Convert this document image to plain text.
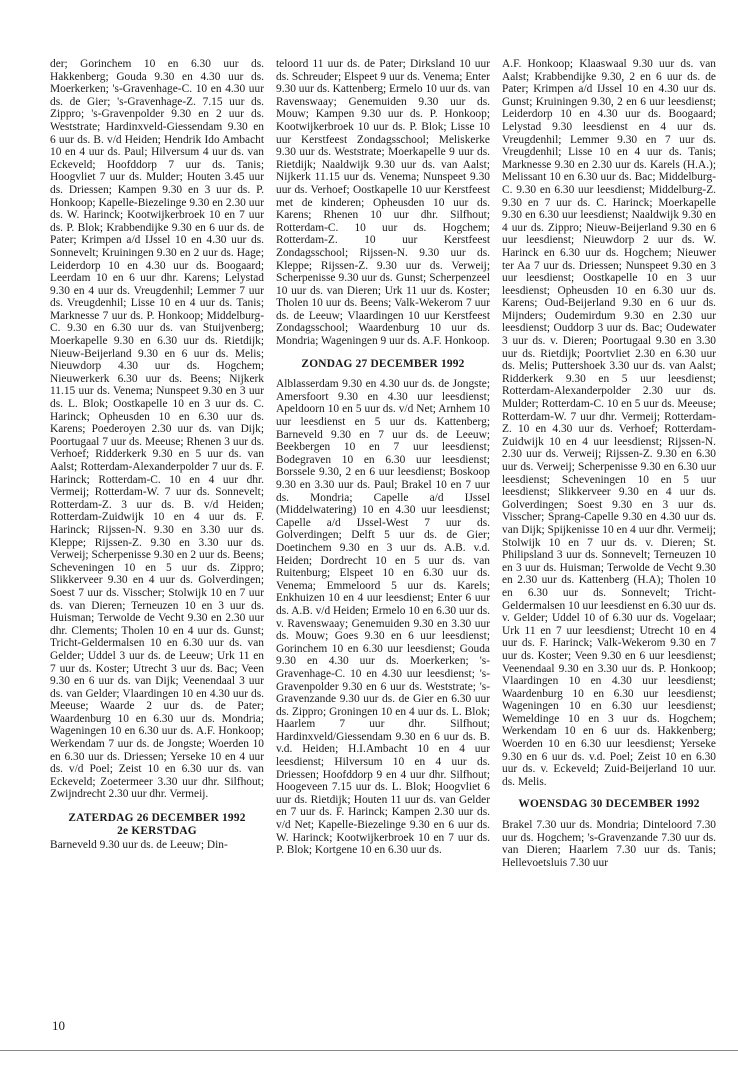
der; Gorinchem 10 en 6.30 uur ds. Hakkenberg; Gouda 9.30 en 4.30 uur ds. Moerkerken; 's-Gravenhage-C. 10 en 4.30 uur ds. de Gier; 's-Gravenhage-Z. 7.15 uur ds. Zippro; 's-Gravenpolder 9.30 en 2 uur ds. Weststrate; Hardinxveld-Giessendam 9.30 en 6 uur ds. B. v/d Heiden; Hendrik Ido Ambacht 10 en 4 uur ds. Paul; Hilversum 4 uur ds. van Eckeveld; Hoofddorp 7 uur ds. Tanis; Hoogvliet 7 uur ds. Mulder; Houten 3.45 uur ds. Driessen; Kampen 9.30 en 3 uur ds. P. Honkoop; Kapelle-Biezelinge 9.30 en 2.30 uur ds. W. Harinck; Kootwijkerbroek 10 en 7 uur ds. P. Blok; Krabbendijke 9.30 en 6 uur ds. de Pater; Krimpen a/d IJssel 10 en 4.30 uur ds. Sonnevelt; Kruiningen 9.30 en 2 uur ds. Hage; Leiderdorp 10 en 4.30 uur ds. Boogaard; Leerdam 10 en 6 uur dhr. Karens; Lelystad 9.30 en 4 uur ds. Vreugdenhil; Lemmer 7 uur ds. Vreugdenhil; Lisse 10 en 4 uur ds. Tanis; Marknesse 7 uur ds. P. Honkoop; Middelburg-C. 9.30 en 6.30 uur ds. van Stuijvenberg; Moerkapelle 9.30 en 6.30 uur ds. Rietdijk; Nieuw-Beijerland 9.30 en 6 uur ds. Melis; Nieuwdorp 4.30 uur ds. Hogchem; Nieuwerkerk 6.30 uur ds. Beens; Nijkerk 11.15 uur ds. Venema; Nunspeet 9.30 en 3 uur ds. L. Blok; Oostkapelle 10 en 3 uur ds. C. Harinck; Opheusden 10 en 6.30 uur ds. Karens; Poederoyen 2.30 uur ds. van Dijk; Poortugaal 7 uur ds. Meeuse; Rhenen 3 uur ds. Verhoef; Ridderkerk 9.30 en 5 uur ds. van Aalst; Rotterdam-Alexanderpolder 7 uur ds. F. Harinck; Rotterdam-C. 10 en 4 uur dhr. Vermeij; Rotterdam-W. 7 uur ds. Sonnevelt; Rotterdam-Z. 3 uur ds. B. v/d Heiden; Rotterdam-Zuidwijk 10 en 4 uur ds. F. Harinck; Rijssen-N. 9.30 en 3.30 uur ds. Kleppe; Rijssen-Z. 9.30 en 3.30 uur ds. Verweij; Scherpenisse 9.30 en 2 uur ds. Beens; Scheveningen 10 en 5 uur ds. Zippro; Slikkerveer 9.30 en 4 uur ds. Golverdingen; Soest 7 uur ds. Visscher; Stolwijk 10 en 7 uur ds. van Dieren; Terneuzen 10 en 3 uur ds. Huisman; Terwolde de Vecht 9.30 en 2.30 uur dhr. Clements; Tholen 10 en 4 uur ds. Gunst; Tricht-Geldermalsen 10 en 6.30 uur ds. van Gelder; Uddel 3 uur ds. de Leeuw; Urk 11 en 7 uur ds. Koster; Utrecht 3 uur ds. Bac; Veen 9.30 en 6 uur ds. van Dijk; Veenendaal 3 uur ds. van Gelder; Vlaardingen 10 en 4.30 uur ds. Meeuse; Waarde 2 uur ds. de Pater; Waardenburg 10 en 6.30 uur ds. Mondria; Wageningen 10 en 6.30 uur ds. A.F. Honkoop; Werkendam 7 uur ds. de Jongste; Woerden 10 en 6.30 uur ds. Driessen; Yerseke 10 en 4 uur ds. v/d Poel; Zeist 10 en 6.30 uur ds. van Eckeveld; Zoetermeer 3.30 uur dhr. Silfhout; Zwijndrecht 2.30 uur dhr. Vermeij.

ZATERDAG 26 DECEMBER 1992
2e KERSTDAG

Barneveld 9.30 uur ds. de Leeuw; Din-

teloord 11 uur ds. de Pater; Dirksland 10 uur ds. Schreuder; Elspeet 9 uur ds. Venema; Enter 9.30 uur ds. Kattenberg; Ermelo 10 uur ds. van Ravenswaay; Genemuiden 9.30 uur ds. Mouw; Kampen 9.30 uur ds. P. Honkoop; Kootwijkerbroek 10 uur ds. P. Blok; Lisse 10 uur Kerstfeest Zondagsschool; Meliskerke 9.30 uur ds. Weststrate; Moerkapelle 9 uur ds. Rietdijk; Naaldwijk 9.30 uur ds. van Aalst; Nijkerk 11.15 uur ds. Venema; Nunspeet 9.30 uur ds. Verhoef; Oostkapelle 10 uur Kerstfeest met de kinderen; Opheusden 10 uur ds. Karens; Rhenen 10 uur dhr. Silfhout; Rotterdam-C. 10 uur ds. Hogchem; Rotterdam-Z. 10 uur Kerstfeest Zondagsschool; Rijssen-N. 9.30 uur ds. Kleppe; Rijssen-Z. 9.30 uur ds. Verweij; Scherpenisse 9.30 uur ds. Gunst; Scherpenzeel 10 uur ds. van Dieren; Urk 11 uur ds. Koster; Tholen 10 uur ds. Beens; Valk-Wekerom 7 uur ds. de Leeuw; Vlaardingen 10 uur Kerstfeest Zondagsschool; Waardenburg 10 uur ds. Mondria; Wageningen 9 uur ds. A.F. Honkoop.

ZONDAG 27 DECEMBER 1992

Alblasserdam 9.30 en 4.30 uur ds. de Jongste; Amersfoort 9.30 en 4.30 uur leesdienst; Apeldoorn 10 en 5 uur ds. v/d Net; Arnhem 10 uur leesdienst en 5 uur ds. Kattenberg; Barneveld 9.30 en 7 uur ds. de Leeuw; Beekbergen 10 en 7 uur leesdienst; Bodegraven 10 en 6.30 uur leesdienst; Borssele 9.30, 2 en 6 uur leesdienst; Boskoop 9.30 en 3.30 uur ds. Paul; Brakel 10 en 7 uur ds. Mondria; Capelle a/d IJssel (Middelwatering) 10 en 4.30 uur leesdienst; Capelle a/d IJssel-West 7 uur ds. Golverdingen; Delft 5 uur ds. de Gier; Doetinchem 9.30 en 3 uur ds. A.B. v.d. Heiden; Dordrecht 10 en 5 uur ds. van Ruitenburg; Elspeet 10 en 6.30 uur ds. Venema; Emmeloord 5 uur ds. Karels; Enkhuizen 10 en 4 uur leesdienst; Enter 6 uur ds. A.B. v/d Heiden; Ermelo 10 en 6.30 uur ds. v. Ravenswaay; Genemuiden 9.30 en 3.30 uur ds. Mouw; Goes 9.30 en 6 uur leesdienst; Gorinchem 10 en 6.30 uur leesdienst; Gouda 9.30 en 4.30 uur ds. Moerkerken; 's-Gravenhage-C. 10 en 4.30 uur leesdienst; 's-Gravenpolder 9.30 en 6 uur ds. Weststrate; 's-Gravenzande 9.30 uur ds. de Gier en 6.30 uur ds. Zippro; Groningen 10 en 4 uur ds. L. Blok; Haarlem 7 uur dhr. Silfhout; Hardinxveld/Giessendam 9.30 en 6 uur ds. B. v.d. Heiden; H.I.Ambacht 10 en 4 uur leesdienst; Hilversum 10 en 4 uur ds. Driessen; Hoofddorp 9 en 4 uur dhr. Silfhout; Hoogeveen 7.15 uur ds. L. Blok; Hoogvliet 6 uur ds. Rietdijk; Houten 11 uur ds. van Gelder en 7 uur ds. F. Harinck; Kampen 2.30 uur ds. v/d Net; Kapelle-Biezelinge 9.30 en 6 uur ds. W. Harinck; Kootwijkerbroek 10 en 7 uur ds. P. Blok; Kortgene 10 en 6.30 uur ds.

A.F. Honkoop; Klaaswaal 9.30 uur ds. van Aalst; Krabbendijke 9.30, 2 en 6 uur ds. de Pater; Krimpen a/d IJssel 10 en 4.30 uur ds. Gunst; Kruiningen 9.30, 2 en 6 uur leesdienst; Leiderdorp 10 en 4.30 uur ds. Boogaard; Lelystad 9.30 leesdienst en 4 uur ds. Vreugdenhil; Lemmer 9.30 en 7 uur ds. Vreugdenhil; Lisse 10 en 4 uur ds. Tanis; Marknesse 9.30 en 2.30 uur ds. Karels (H.A.); Melissant 10 en 6.30 uur ds. Bac; Middelburg-C. 9.30 en 6.30 uur leesdienst; Middelburg-Z. 9.30 en 7 uur ds. C. Harinck; Moerkapelle 9.30 en 6.30 uur leesdienst; Naaldwijk 9.30 en 4 uur ds. Zippro; Nieuw-Beijerland 9.30 en 6 uur leesdienst; Nieuwdorp 2 uur ds. W. Harinck en 6.30 uur ds. Hogchem; Nieuwer ter Aa 7 uur ds. Driessen; Nunspeet 9.30 en 3 uur leesdienst; Oostkapelle 10 en 3 uur leesdienst; Opheusden 10 en 6.30 uur ds. Karens; Oud-Beijerland 9.30 en 6 uur ds. Mijnders; Oudemirdum 9.30 en 2.30 uur leesdienst; Ouddorp 3 uur ds. Bac; Oudewater 3 uur ds. v. Dieren; Poortugaal 9.30 en 3.30 uur ds. Rietdijk; Poortvliet 2.30 en 6.30 uur ds. Melis; Puttershoek 3.30 uur ds. van Aalst; Ridderkerk 9.30 en 5 uur leesdienst; Rotterdam-Alexanderpolder 2.30 uur ds. Mulder; Rotterdam-C. 10 en 5 uur ds. Meeuse; Rotterdam-W. 7 uur dhr. Vermeij; Rotterdam-Z. 10 en 4.30 uur ds. Verhoef; Rotterdam-Zuidwijk 10 en 4 uur leesdienst; Rijssen-N. 2.30 uur ds. Verweij; Rijssen-Z. 9.30 en 6.30 uur ds. Verweij; Scherpenisse 9.30 en 6.30 uur leesdienst; Scheveningen 10 en 5 uur leesdienst; Slikkerveer 9.30 en 4 uur ds. Golverdingen; Soest 9.30 en 3 uur ds. Visscher; Sprang-Capelle 9.30 en 4.30 uur ds. van Dijk; Spijkenisse 10 en 4 uur dhr. Vermeij; Stolwijk 10 en 7 uur ds. v. Dieren; St. Philipsland 3 uur ds. Sonnevelt; Terneuzen 10 en 3 uur ds. Huisman; Terwolde de Vecht 9.30 en 2.30 uur ds. Kattenberg (H.A); Tholen 10 en 6.30 uur ds. Sonnevelt; Tricht-Geldermalsen 10 uur leesdienst en 6.30 uur ds. v. Gelder; Uddel 10 of 6.30 uur ds. Vogelaar; Urk 11 en 7 uur leesdienst; Utrecht 10 en 4 uur ds. F. Harinck; Valk-Wekerom 9.30 en 7 uur ds. Koster; Veen 9.30 en 6 uur leesdienst; Veenendaal 9.30 en 3.30 uur ds. P. Honkoop; Vlaardingen 10 en 4.30 uur leesdienst; Waardenburg 10 en 6.30 uur leesdienst; Wageningen 10 en 6.30 uur leesdienst; Wemeldinge 10 en 3 uur ds. Hogchem; Werkendam 10 en 6 uur ds. Hakkenberg; Woerden 10 en 6.30 uur leesdienst; Yerseke 9.30 en 6 uur ds. v.d. Poel; Zeist 10 en 6.30 uur ds. v. Eckeveld; Zuid-Beijerland 10 uur. ds. Melis.

WOENSDAG 30 DECEMBER 1992

Brakel 7.30 uur ds. Mondria; Dinteloord 7.30 uur ds. Hogchem; 's-Gravenzande 7.30 uur ds. van Dieren; Haarlem 7.30 uur ds. Tanis; Hellevoetsluis 7.30 uur

10
